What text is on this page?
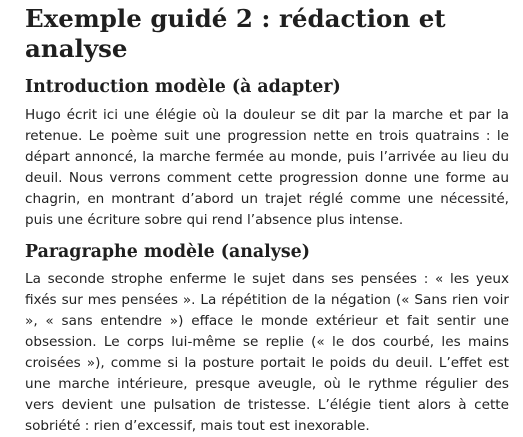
Exemple guidé 2 : rédaction et analyse
Introduction modèle (à adapter)

Hugo écrit ici une élégie où la douleur se dit par la marche et par la retenue. Le poème suit une progression nette en trois quatrains : le départ annoncé, la marche fermée au monde, puis l’arrivée au lieu du deuil. Nous verrons comment cette progression donne une forme au chagrin, en montrant d’abord un trajet réglé comme une nécessité, puis une écriture sobre qui rend l’absence plus intense.

Paragraphe modèle (analyse)

La seconde strophe enferme le sujet dans ses pensées : « les yeux fixés sur mes pensées ». La répétition de la négation (« Sans rien voir », « sans entendre ») efface le monde extérieur et fait sentir une obsession. Le corps lui-même se replie (« le dos courbé, les mains croisées »), comme si la posture portait le poids du deuil. L’effet est une marche intérieure, presque aveugle, où le rythme régulier des vers devient une pulsation de tristesse. L’élégie tient alors à cette sobriété : rien d’excessif, mais tout est inexorable.
